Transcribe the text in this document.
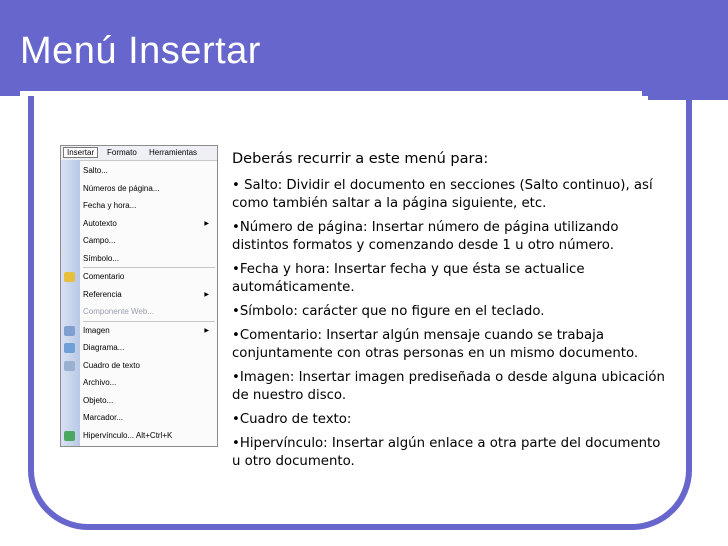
Menú Insertar
Insertar	Formato Herramientas
Salto...
Números de página...
Fecha y hora...
Autotexto	▶
Campo...
Símbolo...
Comentario
Referencia	▶
Componente Web...
Imagen	▶
Diagrama...
Cuadro de texto
Archivo...
Objeto...
Marcador...
Hipervínculo... Alt+Ctrl+K
Deberás recurrir a este menú para:
• Salto: Dividir el documento en secciones (Salto continuo), así como también saltar a la página siguiente, etc.
•Número de página: Insertar número de página utilizando distintos formatos y comenzando desde 1 u otro número.
•Fecha y hora: Insertar fecha y que ésta se actualice automáticamente.
•Símbolo: carácter que no figure en el teclado.
•Comentario: Insertar algún mensaje cuando se trabaja conjuntamente con otras personas en un mismo documento.
•Imagen: Insertar imagen prediseñada o desde alguna ubicación de nuestro disco.
•Cuadro de texto:
•Hipervínculo: Insertar algún enlace a otra parte del documento u otro documento.
